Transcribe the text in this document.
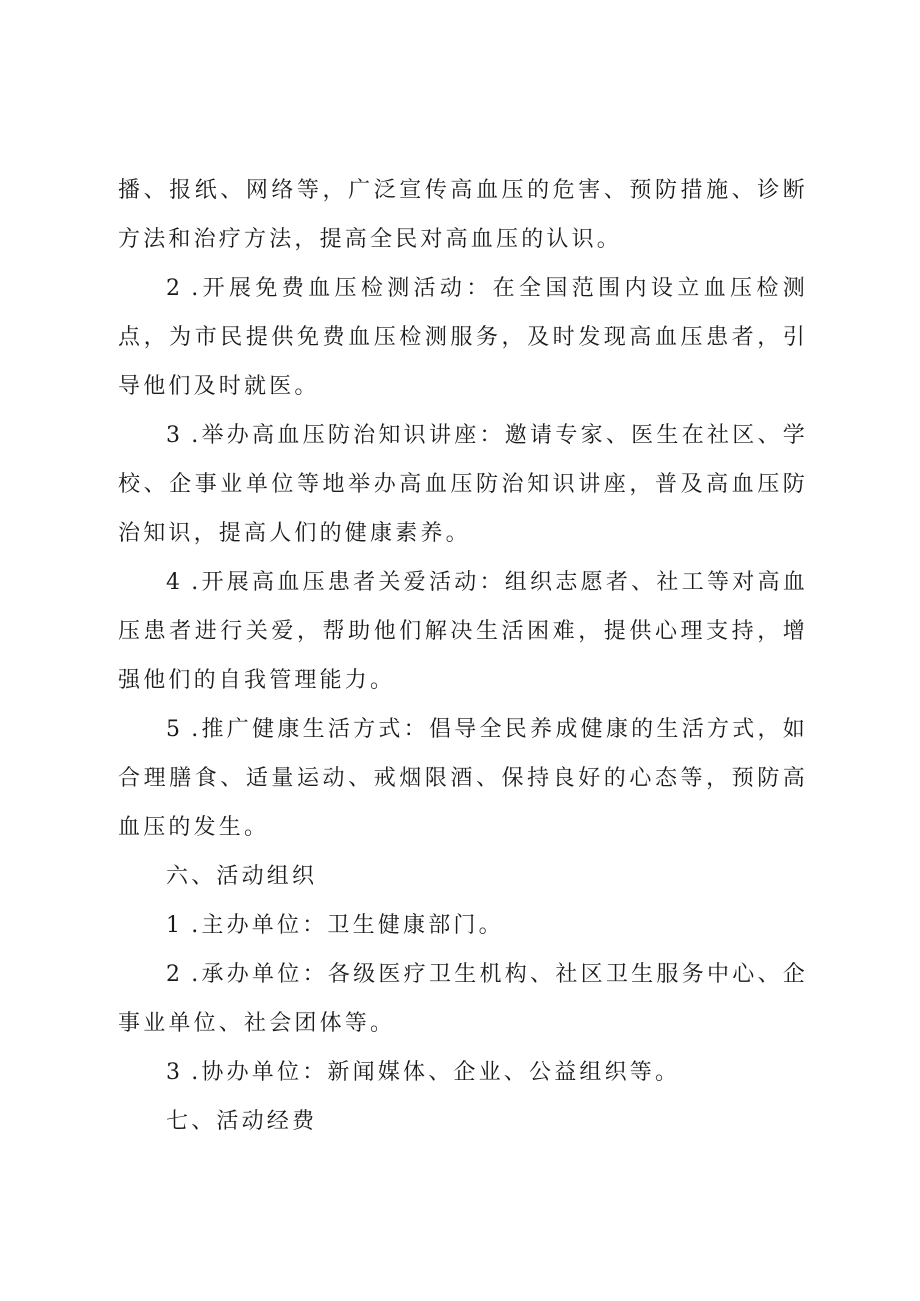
播、报纸、网络等，广泛宣传高血压的危害、预防措施、诊断方法和治疗方法，提高全民对高血压的认识。

2 .开展免费血压检测活动：在全国范围内设立血压检测点，为市民提供免费血压检测服务，及时发现高血压患者，引导他们及时就医。

3 .举办高血压防治知识讲座：邀请专家、医生在社区、学校、企事业单位等地举办高血压防治知识讲座，普及高血压防治知识，提高人们的健康素养。

4 .开展高血压患者关爱活动：组织志愿者、社工等对高血压患者进行关爱，帮助他们解决生活困难，提供心理支持，增强他们的自我管理能力。

5 .推广健康生活方式：倡导全民养成健康的生活方式，如合理膳食、适量运动、戒烟限酒、保持良好的心态等，预防高血压的发生。

六、活动组织

1 .主办单位：卫生健康部门。

2 .承办单位：各级医疗卫生机构、社区卫生服务中心、企事业单位、社会团体等。

3 .协办单位：新闻媒体、企业、公益组织等。

七、活动经费
